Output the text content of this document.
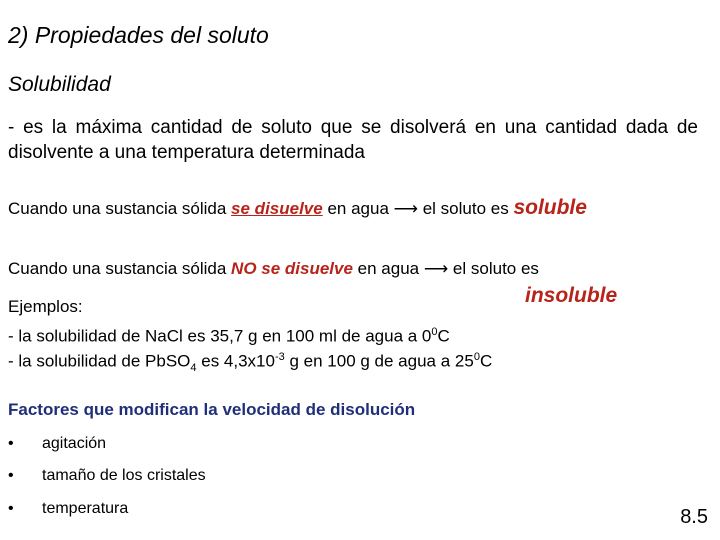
2) Propiedades del soluto
Solubilidad
- es la máxima cantidad de soluto que se disolverá en una cantidad dada de disolvente a una temperatura determinada
Cuando una sustancia sólida se disuelve en agua ⟶ el soluto es soluble
Cuando una sustancia sólida NO se disuelve en agua ⟶ el soluto es
insoluble
Ejemplos:
- la solubilidad de NaCl es 35,7 g en 100 ml de agua a $0^0C$
- la solubilidad de PbSO$_4$ es $4,3x10^{-3}$ g en 100 g de agua a $25^0C$
Factores que modifican la velocidad de disolución
• agitación
• tamaño de los cristales
• temperatura	8.5
